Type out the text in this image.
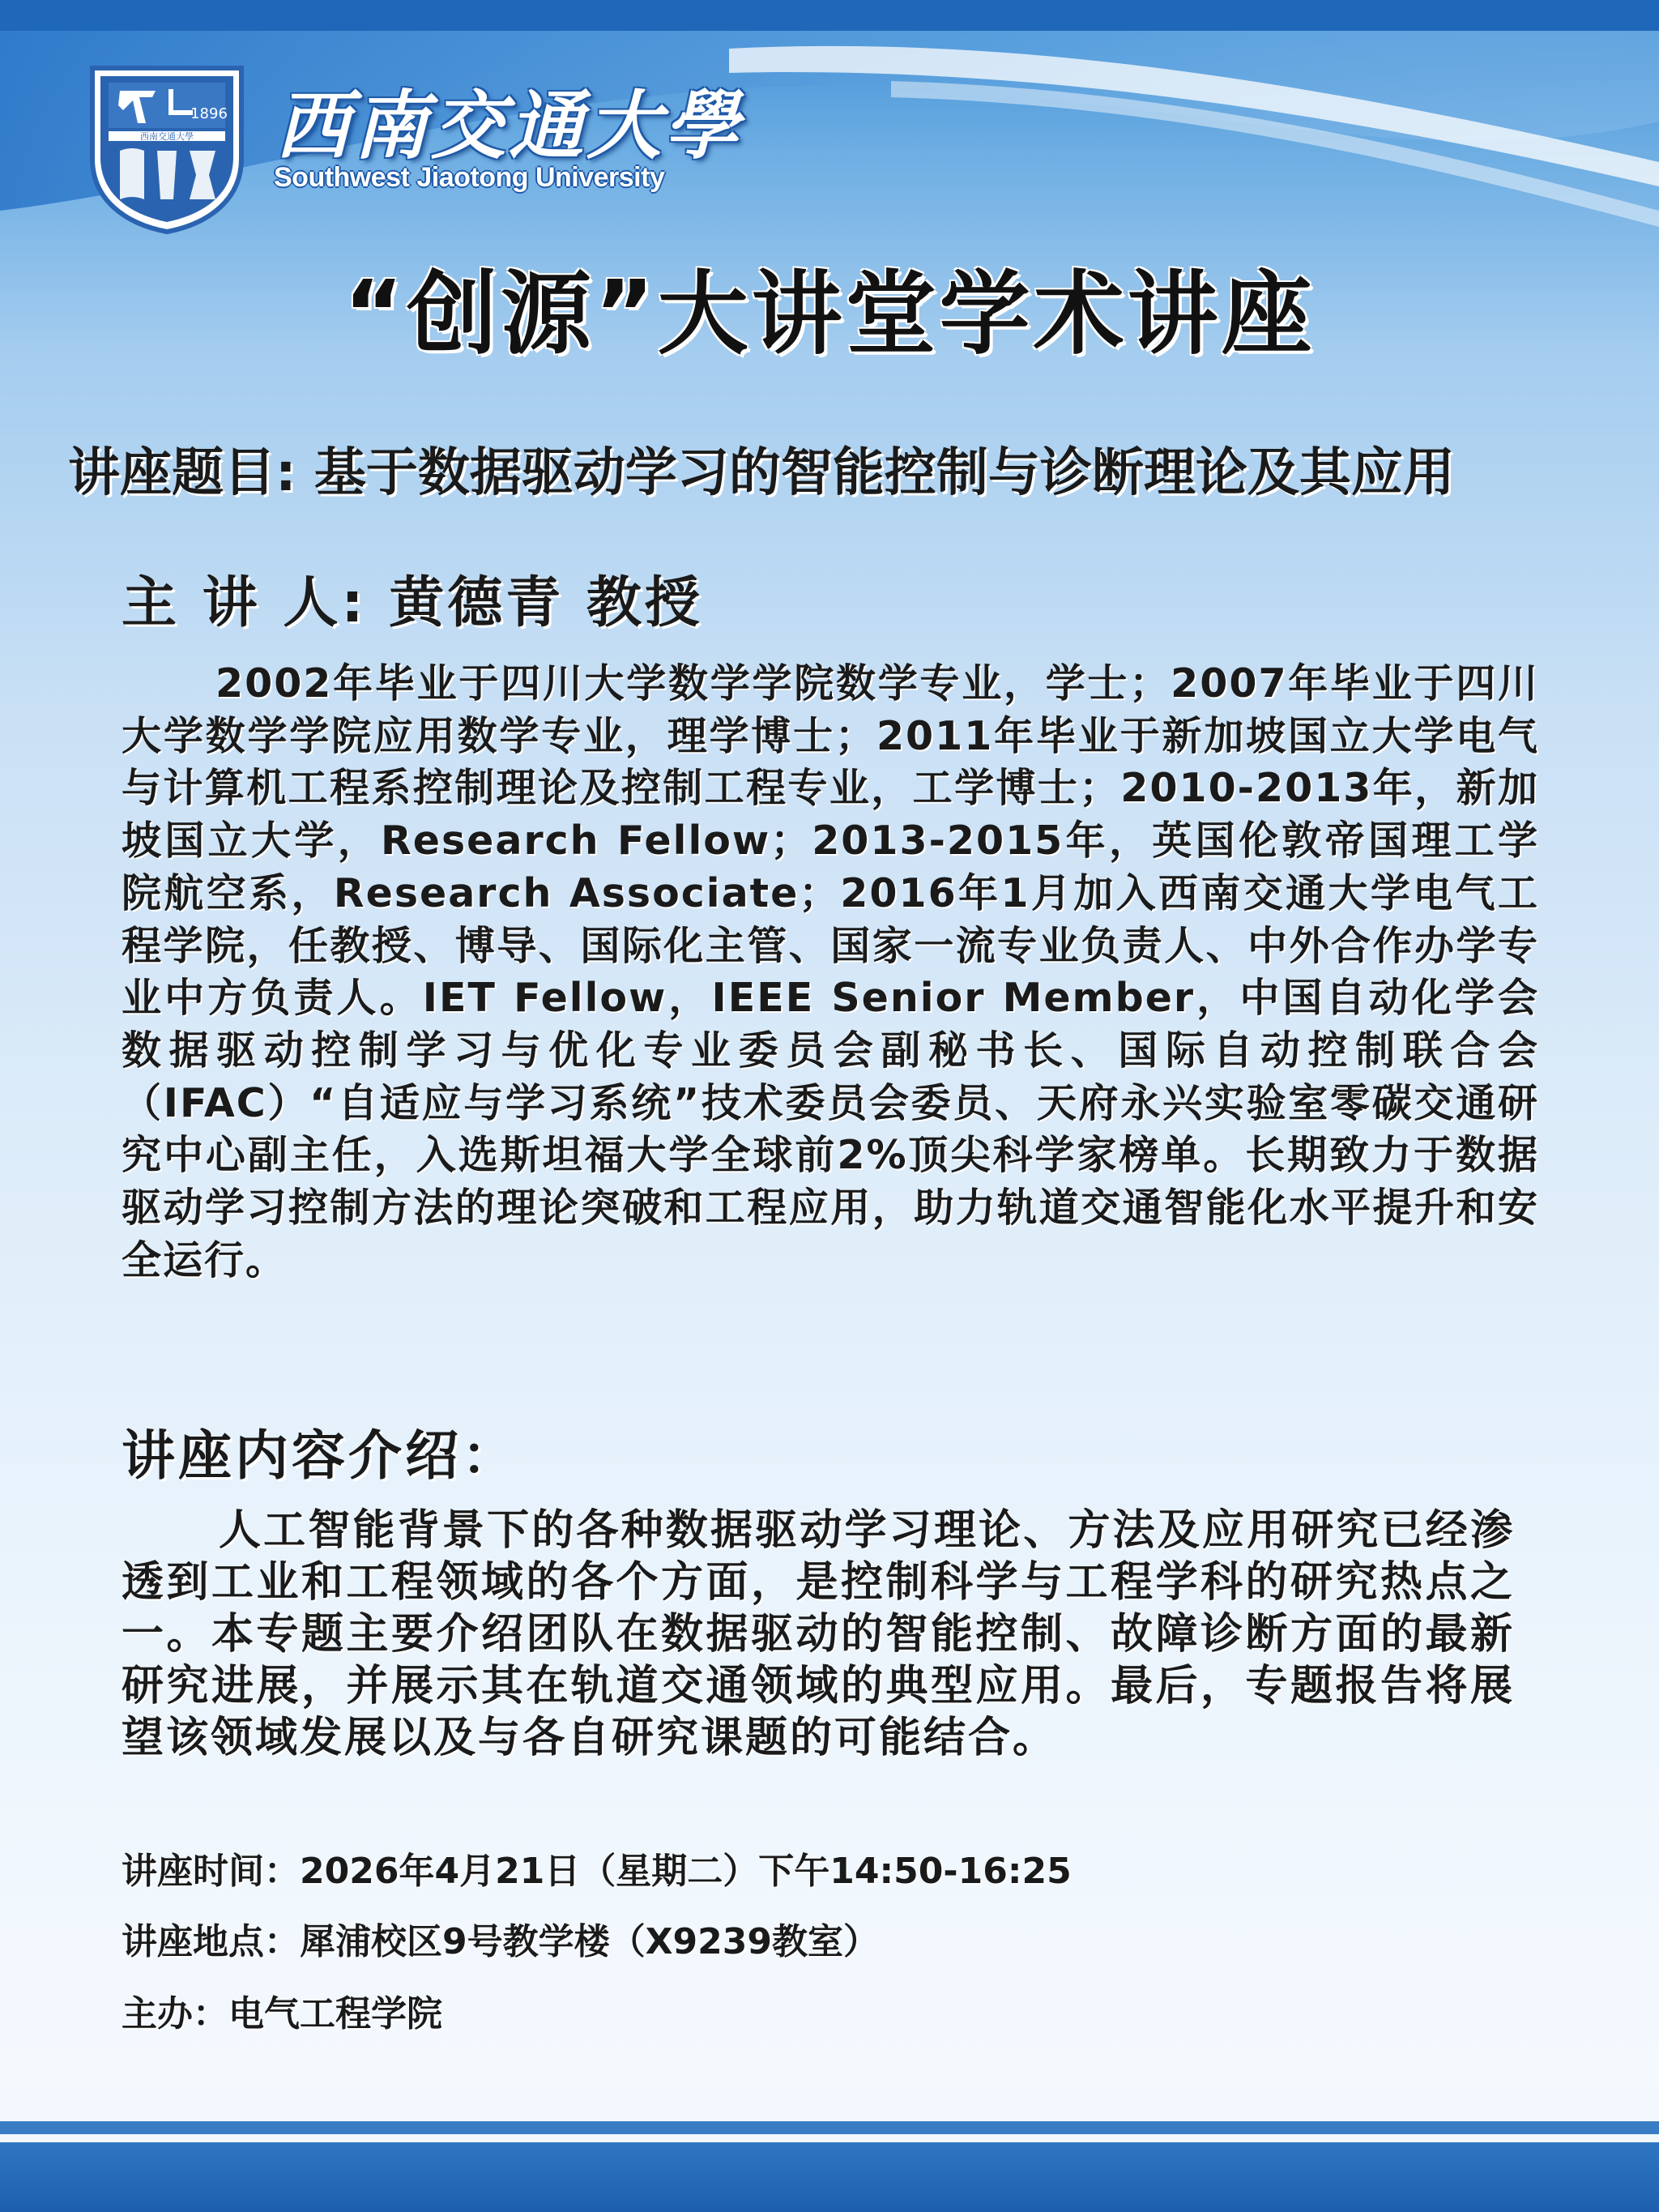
1896
西南交通大學 西南交通大學
Southwest Jiaotong University
“创源”大讲堂学术讲座
讲座题目: 基于数据驱动学习的智能控制与诊断理论及其应用
主 讲 人: 黄德青 教授
2002年毕业于四川大学数学学院数学专业，学士；2007年毕业于四川大学数学学院应用数学专业，理学博士；2011年毕业于新加坡国立大学电气与计算机工程系控制理论及控制工程专业，工学博士；2010-2013年，新加坡国立大学，Research Fellow；2013-2015年，英国伦敦帝国理工学院航空系，Research Associate；2016年1月加入西南交通大学电气工程学院，任教授、博导、国际化主管、国家一流专业负责人、中外合作办学专业中方负责人。IET Fellow，IEEE Senior Member，中国自动化学会数据驱动控制学习与优化专业委员会副秘书长、国际自动控制联合会（IFAC）“自适应与学习系统”技术委员会委员、天府永兴实验室零碳交通研究中心副主任，入选斯坦福大学全球前2%顶尖科学家榜单。长期致力于数据驱动学习控制方法的理论突破和工程应用，助力轨道交通智能化水平提升和安全运行。
讲座内容介绍：
人工智能背景下的各种数据驱动学习理论、方法及应用研究已经渗透到工业和工程领域的各个方面，是控制科学与工程学科的研究热点之一。本专题主要介绍团队在数据驱动的智能控制、故障诊断方面的最新研究进展，并展示其在轨道交通领域的典型应用。最后，专题报告将展望该领域发展以及与各自研究课题的可能结合。
讲座时间：2026年4月21日（星期二）下午14:50-16:25
讲座地点：犀浦校区9号教学楼（X9239教室）
主办：电气工程学院
